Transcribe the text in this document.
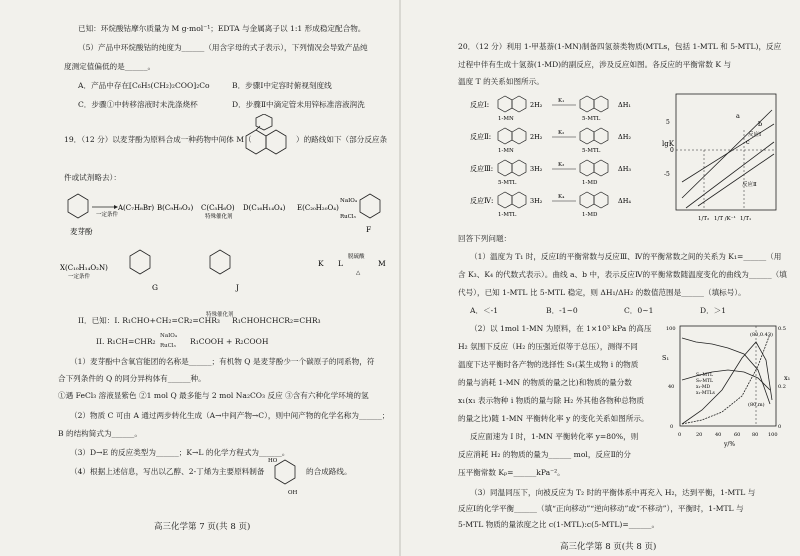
已知：环烷酸钴摩尔质量为 M g·mol⁻¹；EDTA 与金属离子以 1:1 形成稳定配合物。
（5）产品中环烷酸钴的纯度为______（用含字母的式子表示），下列情况会导致产品纯
度测定值偏低的是______。
A．产品中存在[C₆H₅(CH₂)₂COO]₂Co	B．步骤Ⅰ中定容时俯视刻度线
C．步骤①中转移溶液时未洗涤烧杯	D．步骤Ⅱ中滴定管未用锌标准溶液润洗
19．（12 分）以麦芽酚为原料合成一种药物中间体 M（	）的路线如下（部分反应条
件或试剂略去）：
麦芽酚
一定条件
A(C₇H₈Br) B(C₉H₉O₃) C(C₅H₆O)
特殊催化剂
D(C₁₆H₁₄O₄) E(C₂₀H₂₀O₄)
NaIO₄
RuCl₃
F
X(C₁₀H₁₄O₂N)
一定条件
G	J
K L
脱硫酸
△
M
II．已知：Ⅰ. R₁CHO+CH₂=CR₂=CHR₃
特殊催化剂
R₁CHOHCHCR₂=CHR₃
II. R₁CH=CHR₂
NaIO₄
RuCl₃ R₁COOH + R₂COOH
（1）麦芽酚中含氧官能团的名称是______；有机物 Q 是麦芽酚少一个碳原子的同系物，符
合下列条件的 Q 的同分异构体有______种。
①遇 FeCl₃ 溶液显紫色 ②1 mol Q 最多能与 2 mol Na₂CO₃ 反应 ③含有六种化学环境的氢
（2）物质 C 可由 A 通过两步转化生成（A→中间产物→C），则中间产物的化学名称为______；
B 的结构简式为______。
（3）D→E 的反应类型为______；K→L 的化学方程式为______。
（4）根据上述信息，写出以乙醇、2-丁烯为主要原料制备
HO
OH
的合成路线。
高三化学第 7 页(共 8 页)
20．（12 分）利用 1-甲基萘(1-MN)制备四氢萘类物质(MTLs，包括 1-MTL 和 5-MTL)，反应
过程中伴有生成十氢萘(1-MD)的副反应，涉及反应如图。各反应的平衡常数 K 与
温度 T 的关系如图所示。
反应Ⅰ:
1-MN
2H₂	K₁
5-MTL
ΔH₁
反应Ⅱ:
1-MN
2H₂	K₂
5-MTL
ΔH₂
反应Ⅲ:
5-MTL
3H₂	K₃
1-MD
ΔH₃
反应Ⅳ:
1-MTL
3H₂	K₄
1-MD
ΔH₄
lgK
5
0
-5
a
b
c
反应Ⅰ
反应Ⅱ
1/T₂	1/T₁
1/T /K⁻¹
回答下列问题：
（1）温度为 T₁ 时，反应Ⅰ的平衡常数与反应Ⅲ、Ⅳ的平衡常数之间的关系为 K₁=______（用
含 K₃、K₄ 的代数式表示）。曲线 a、b 中，表示反应Ⅳ的平衡常数随温度变化的曲线为______（填
代号），已知 1-MTL 比 5-MTL 稳定，则 ΔH₁/ΔH₂ 的数值范围是______（填标号）。
A．＜-1	B．-1~0	C．0~1	D．＞1
（2）以 1mol 1-MN 为原料，在 1×10³ kPa 的高压
H₂ 氛围下反应（H₂ 的压强近似等于总压），测得不同
温度下达平衡时各产物的选择性 S₁(某生成物 i 的物质
的量与消耗 1-MN 的物质的量之比)和物质的量分数
x₁(x₁ 表示物种 i 物质的量与除 H₂ 外其他各物种总物质
的量之比)随 1-MN 平衡转化率 y 的变化关系如图所示。
反应面速为 I 时，1-MN 平衡转化率 y=80%，则
反应消耗 H₂ 的物质的量为______ mol，反应Ⅱ的分
压平衡常数 Kₚ=______kPa⁻²。
S₁
x₁
0
40
100
0
0.2
0.5
(80,0.43)
(80,m)
S₁-MTL
S₅-MTL
x₁-MD
x₁-MTLs
0	20	40	60 80 100
y/%
（3）同温同压下，向被反应为 T₂ 时的平衡体系中再充入 H₂，达到平衡，1-MTL 与
反应Ⅰ的化学平衡______（填“正向移动”“逆向移动”或“不移动”），平衡时，1-MTL 与
5-MTL 物质的量浓度之比 c(1-MTL):c(5-MTL)=______。
高三化学第 8 页(共 8 页)
